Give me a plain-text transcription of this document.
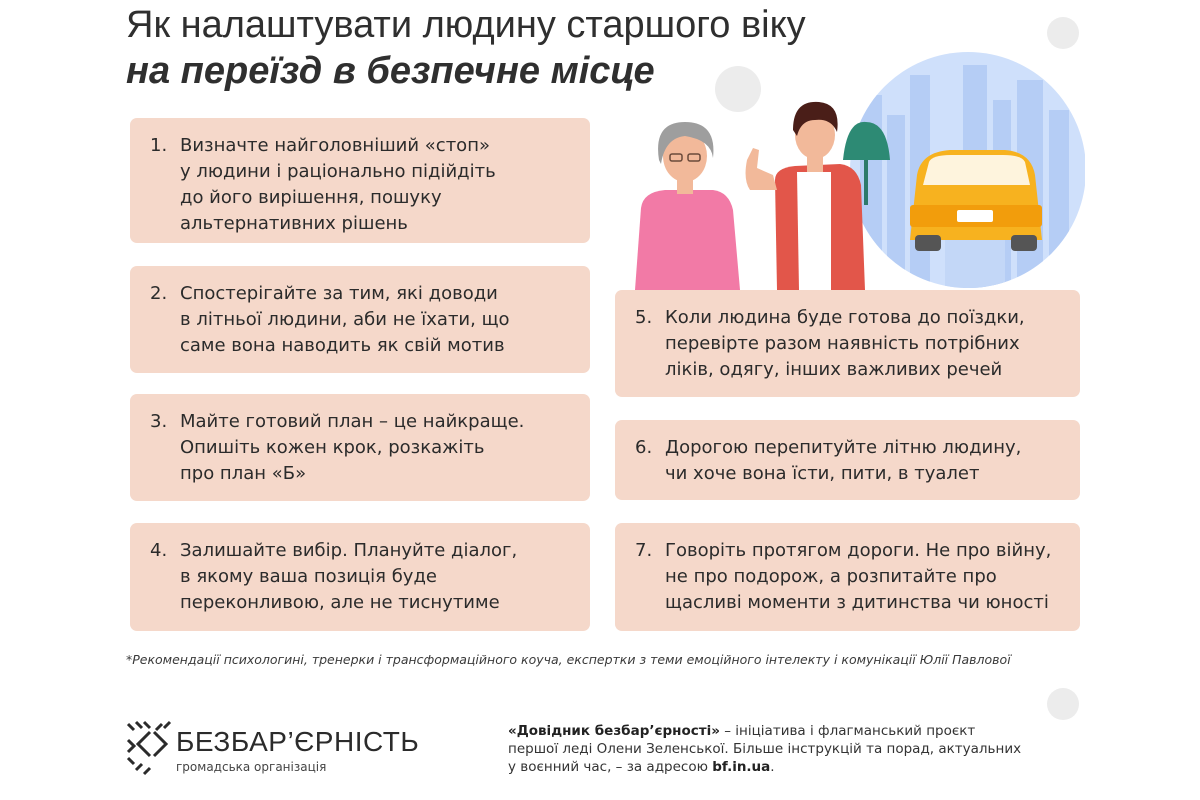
Як налаштувати людину старшого віку
на переїзд в безпечне місце
1. Визначте найголовніший «стоп»
у людини і раціонально підійдіть
до його вирішення, пошуку
альтернативних рішень
2. Спостерігайте за тим, які доводи
в літньої людини, аби не їхати, що
саме вона наводить як свій мотив
3. Майте готовий план – це найкраще.
Опишіть кожен крок, розкажіть
про план «Б»
4. Залишайте вибір. Плануйте діалог,
в якому ваша позиція буде
переконливою, але не тиснутиме
5. Коли людина буде готова до поїздки,
перевірте разом наявність потрібних
ліків, одягу, інших важливих речей
6. Дорогою перепитуйте літню людину,
чи хоче вона їсти, пити, в туалет
7. Говоріть протягом дороги. Не про війну,
не про подорож, а розпитайте про
щасливі моменти з дитинства чи юності
*Рекомендації психологині, тренерки і трансформаційного коуча, експертки з теми емоційного інтелекту і комунікації Юлії Павлової
БЕЗБАР’ЄРНІСТЬ
громадська організація
«Довідник безбар’єрності» – ініціатива і флагманський проєкт
першої леді Олени Зеленської. Більше інструкцій та порад, актуальних
у воєнний час, – за адресою bf.in.ua.
